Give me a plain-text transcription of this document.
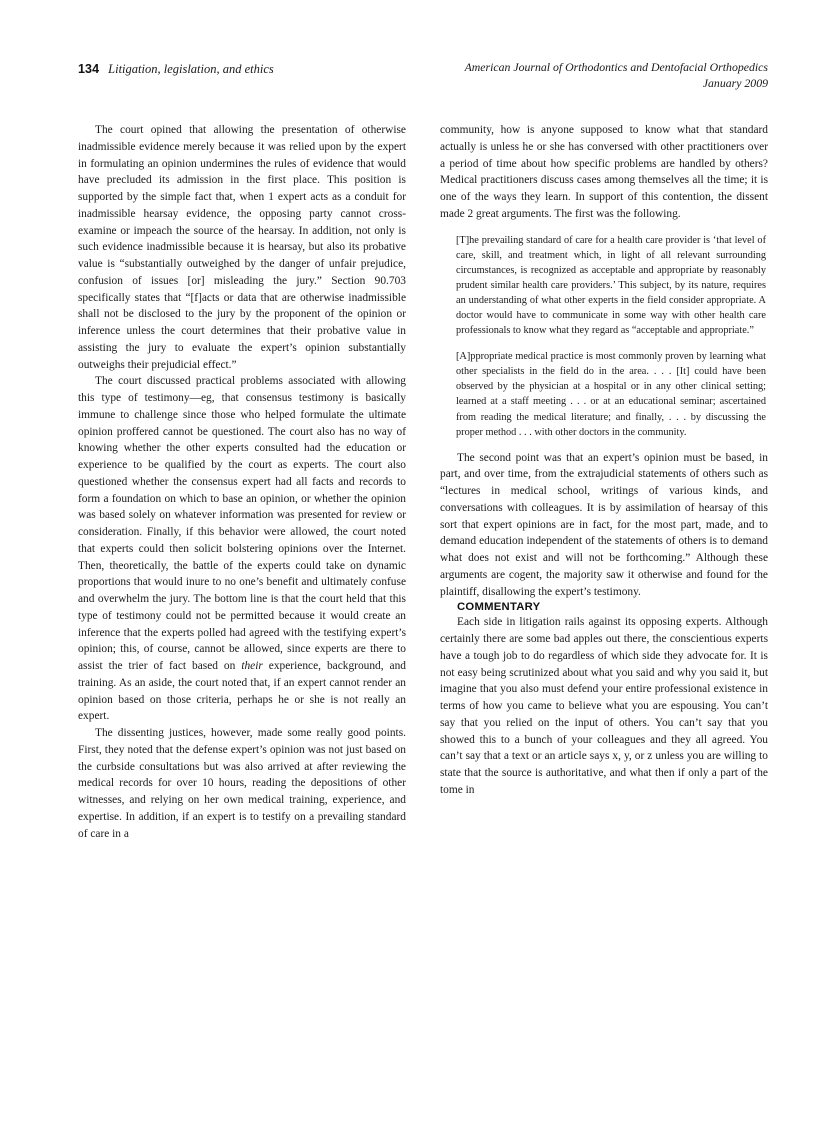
134 Litigation, legislation, and ethics	American Journal of Orthodontics and Dentofacial Orthopedics
January 2009

The court opined that allowing the presentation of otherwise inadmissible evidence merely because it was relied upon by the expert in formulating an opinion undermines the rules of evidence that would have precluded its admission in the first place. This position is supported by the simple fact that, when 1 expert acts as a conduit for inadmissible hearsay evidence, the opposing party cannot cross-examine or impeach the source of the hearsay. In addition, not only is such evidence inadmissible because it is hearsay, but also its probative value is “substantially outweighed by the danger of unfair prejudice, confusion of issues [or] misleading the jury.” Section 90.703 specifically states that “[f]acts or data that are otherwise inadmissible shall not be disclosed to the jury by the proponent of the opinion or inference unless the court determines that their probative value in assisting the jury to evaluate the expert’s opinion substantially outweighs their prejudicial effect.”

The court discussed practical problems associated with allowing this type of testimony—eg, that consensus testimony is basically immune to challenge since those who helped formulate the ultimate opinion proffered cannot be questioned. The court also has no way of knowing whether the other experts consulted had the education or experience to be qualified by the court as experts. The court also questioned whether the consensus expert had all facts and records to form a foundation on which to base an opinion, or whether the opinion was based solely on whatever information was presented for review or consideration. Finally, if this behavior were allowed, the court noted that experts could then solicit bolstering opinions over the Internet. Then, theoretically, the battle of the experts could take on dynamic proportions that would inure to no one’s benefit and ultimately confuse and overwhelm the jury. The bottom line is that the court held that this type of testimony could not be permitted because it would create an inference that the experts polled had agreed with the testifying expert’s opinion; this, of course, cannot be allowed, since experts are there to assist the trier of fact based on their experience, background, and training. As an aside, the court noted that, if an expert cannot render an opinion based on those criteria, perhaps he or she is not really an expert.

The dissenting justices, however, made some really good points. First, they noted that the defense expert’s opinion was not just based on the curbside consultations but was also arrived at after reviewing the medical records for over 10 hours, reading the depositions of other witnesses, and relying on her own medical training, experience, and expertise. In addition, if an expert is to testify on a prevailing standard of care in a

community, how is anyone supposed to know what that standard actually is unless he or she has conversed with other practitioners over a period of time about how specific problems are handled by others? Medical practitioners discuss cases among themselves all the time; it is one of the ways they learn. In support of this contention, the dissent made 2 great arguments. The first was the following.

[T]he prevailing standard of care for a health care provider is ‘that level of care, skill, and treatment which, in light of all relevant surrounding circumstances, is recognized as acceptable and appropriate by reasonably prudent similar health care providers.’ This subject, by its nature, requires an understanding of what other experts in the field consider appropriate. A doctor would have to communicate in some way with other health care professionals to know what they regard as “acceptable and appropriate.”

[A]ppropriate medical practice is most commonly proven by learning what other specialists in the field do in the area. . . . [It] could have been observed by the physician at a hospital or in any other clinical setting; learned at a staff meeting . . . or at an educational seminar; ascertained from reading the medical literature; and finally, . . . by discussing the proper method . . . with other doctors in the community.

The second point was that an expert’s opinion must be based, in part, and over time, from the extrajudicial statements of others such as “lectures in medical school, writings of various kinds, and conversations with colleagues. It is by assimilation of hearsay of this sort that expert opinions are in fact, for the most part, made, and to demand education independent of the statements of others is to demand what does not exist and will not be forthcoming.” Although these arguments are cogent, the majority saw it otherwise and found for the plaintiff, disallowing the expert’s testimony.

COMMENTARY

Each side in litigation rails against its opposing experts. Although certainly there are some bad apples out there, the conscientious experts have a tough job to do regardless of which side they advocate for. It is not easy being scrutinized about what you said and why you said it, but imagine that you also must defend your entire professional existence in terms of how you came to believe what you are espousing. You can’t say that you relied on the input of others. You can’t say that you showed this to a bunch of your colleagues and they all agreed. You can’t say that a text or an article says x, y, or z unless you are willing to state that the source is authoritative, and what then if only a part of the tome in
